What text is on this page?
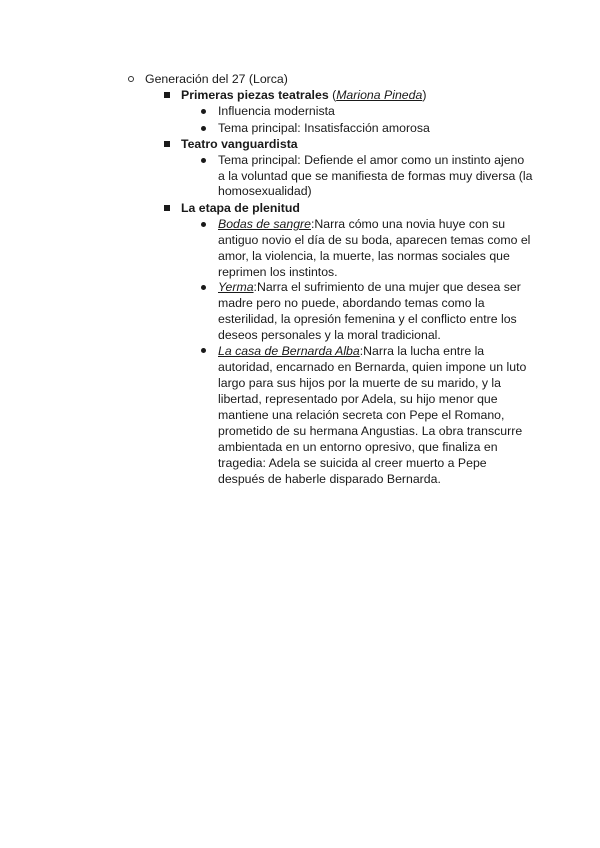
Generación del 27 (Lorca)
Primeras piezas teatrales (Mariona Pineda)
Influencia modernista
Tema principal: Insatisfacción amorosa
Teatro vanguardista
Tema principal: Defiende el amor como un instinto ajeno
a la voluntad que se manifiesta de formas muy diversa (la
homosexualidad)
La etapa de plenitud
Bodas de sangre:Narra cómo una novia huye con su
antiguo novio el día de su boda, aparecen temas como el
amor, la violencia, la muerte, las normas sociales que
reprimen los instintos.
Yerma:Narra el sufrimiento de una mujer que desea ser
madre pero no puede, abordando temas como la
esterilidad, la opresión femenina y el conflicto entre los
deseos personales y la moral tradicional.
La casa de Bernarda Alba:Narra la lucha entre la
autoridad, encarnado en Bernarda, quien impone un luto
largo para sus hijos por la muerte de su marido, y la
libertad, representado por Adela, su hijo menor que
mantiene una relación secreta con Pepe el Romano,
prometido de su hermana Angustias. La obra transcurre
ambientada en un entorno opresivo, que finaliza en
tragedia: Adela se suicida al creer muerto a Pepe
después de haberle disparado Bernarda.
